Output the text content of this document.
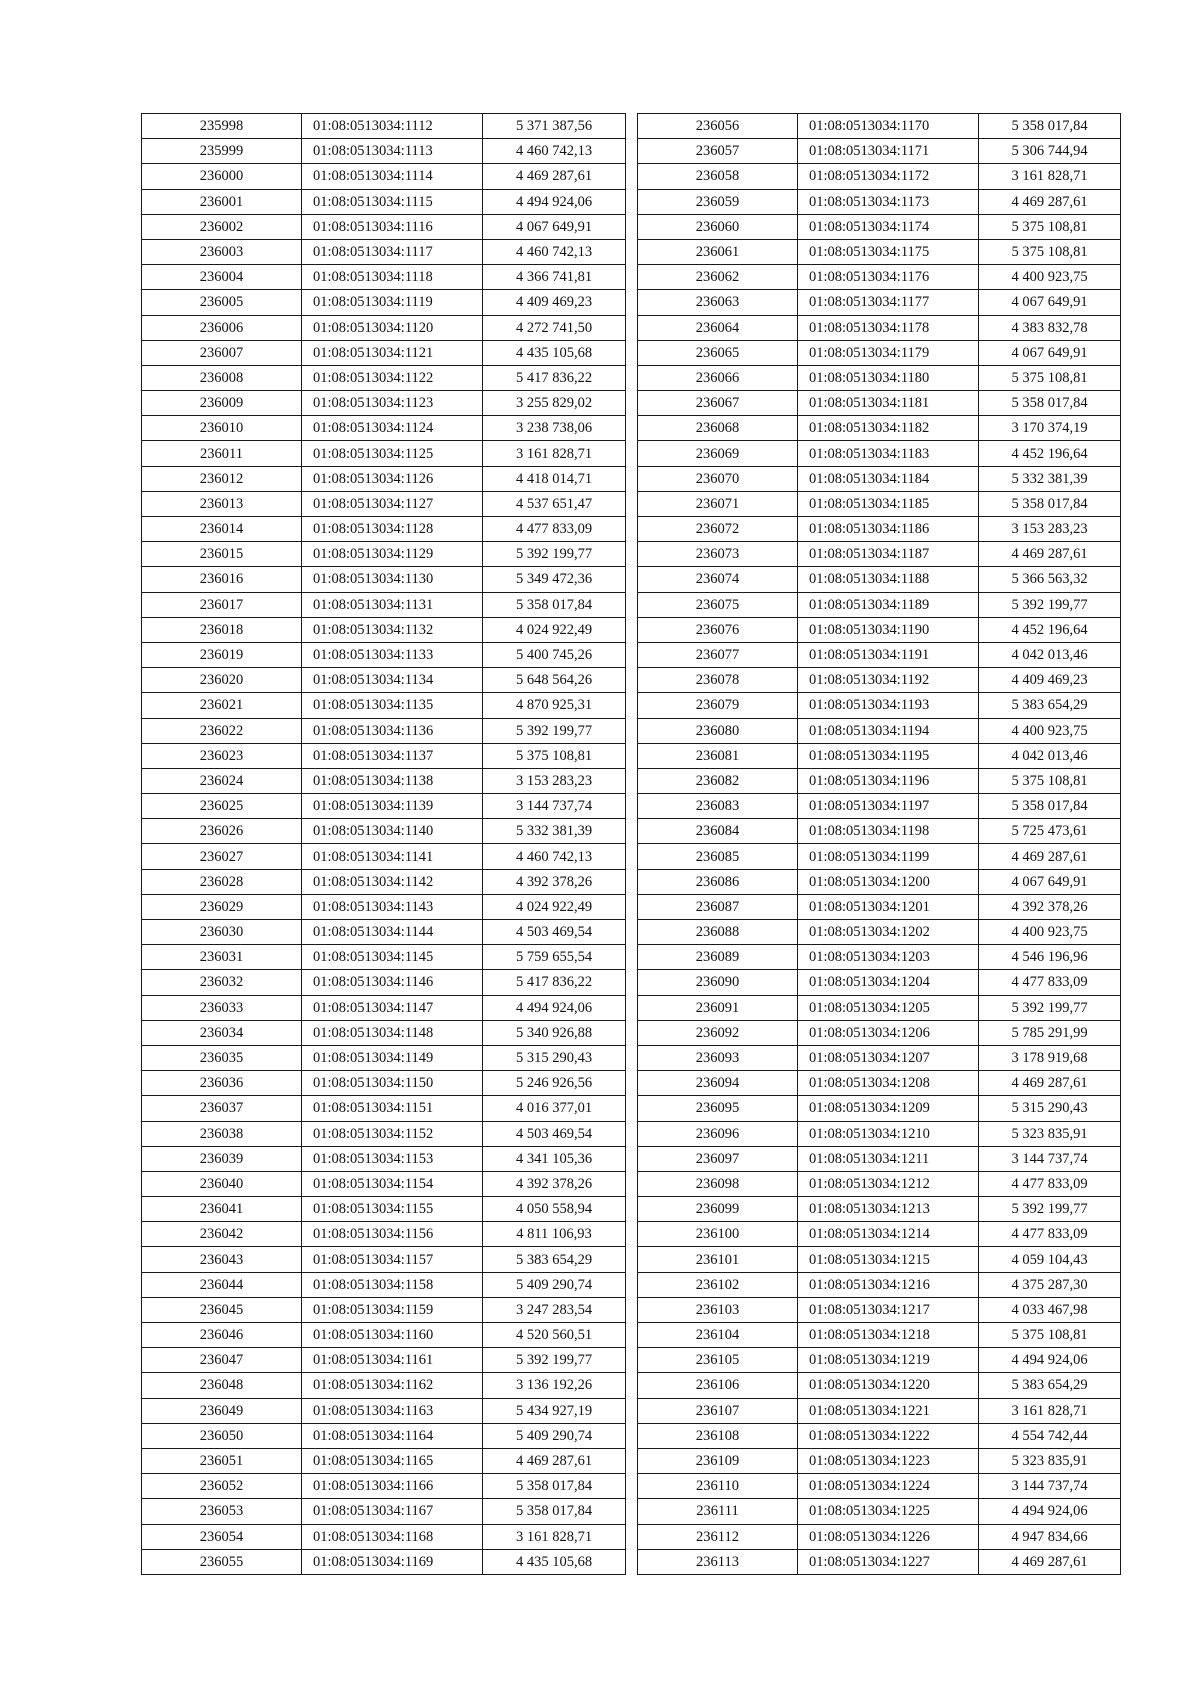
235998	01:08:0513034:1112	5 371 387,56
235999	01:08:0513034:1113	4 460 742,13
236000	01:08:0513034:1114	4 469 287,61
236001	01:08:0513034:1115	4 494 924,06
236002	01:08:0513034:1116	4 067 649,91
236003	01:08:0513034:1117	4 460 742,13
236004	01:08:0513034:1118	4 366 741,81
236005	01:08:0513034:1119	4 409 469,23
236006	01:08:0513034:1120	4 272 741,50
236007	01:08:0513034:1121	4 435 105,68
236008	01:08:0513034:1122	5 417 836,22
236009	01:08:0513034:1123	3 255 829,02
236010	01:08:0513034:1124	3 238 738,06
236011	01:08:0513034:1125	3 161 828,71
236012	01:08:0513034:1126	4 418 014,71
236013	01:08:0513034:1127	4 537 651,47
236014	01:08:0513034:1128	4 477 833,09
236015	01:08:0513034:1129	5 392 199,77
236016	01:08:0513034:1130	5 349 472,36
236017	01:08:0513034:1131	5 358 017,84
236018	01:08:0513034:1132	4 024 922,49
236019	01:08:0513034:1133	5 400 745,26
236020	01:08:0513034:1134	5 648 564,26
236021	01:08:0513034:1135	4 870 925,31
236022	01:08:0513034:1136	5 392 199,77
236023	01:08:0513034:1137	5 375 108,81
236024	01:08:0513034:1138	3 153 283,23
236025	01:08:0513034:1139	3 144 737,74
236026	01:08:0513034:1140	5 332 381,39
236027	01:08:0513034:1141	4 460 742,13
236028	01:08:0513034:1142	4 392 378,26
236029	01:08:0513034:1143	4 024 922,49
236030	01:08:0513034:1144	4 503 469,54
236031	01:08:0513034:1145	5 759 655,54
236032	01:08:0513034:1146	5 417 836,22
236033	01:08:0513034:1147	4 494 924,06
236034	01:08:0513034:1148	5 340 926,88
236035	01:08:0513034:1149	5 315 290,43
236036	01:08:0513034:1150	5 246 926,56
236037	01:08:0513034:1151	4 016 377,01
236038	01:08:0513034:1152	4 503 469,54
236039	01:08:0513034:1153	4 341 105,36
236040	01:08:0513034:1154	4 392 378,26
236041	01:08:0513034:1155	4 050 558,94
236042	01:08:0513034:1156	4 811 106,93
236043	01:08:0513034:1157	5 383 654,29
236044	01:08:0513034:1158	5 409 290,74
236045	01:08:0513034:1159	3 247 283,54
236046	01:08:0513034:1160	4 520 560,51
236047	01:08:0513034:1161	5 392 199,77
236048	01:08:0513034:1162	3 136 192,26
236049	01:08:0513034:1163	5 434 927,19
236050	01:08:0513034:1164	5 409 290,74
236051	01:08:0513034:1165	4 469 287,61
236052	01:08:0513034:1166	5 358 017,84
236053	01:08:0513034:1167	5 358 017,84
236054	01:08:0513034:1168	3 161 828,71
236055	01:08:0513034:1169	4 435 105,68
236056	01:08:0513034:1170	5 358 017,84
236057	01:08:0513034:1171	5 306 744,94
236058	01:08:0513034:1172	3 161 828,71
236059	01:08:0513034:1173	4 469 287,61
236060	01:08:0513034:1174	5 375 108,81
236061	01:08:0513034:1175	5 375 108,81
236062	01:08:0513034:1176	4 400 923,75
236063	01:08:0513034:1177	4 067 649,91
236064	01:08:0513034:1178	4 383 832,78
236065	01:08:0513034:1179	4 067 649,91
236066	01:08:0513034:1180	5 375 108,81
236067	01:08:0513034:1181	5 358 017,84
236068	01:08:0513034:1182	3 170 374,19
236069	01:08:0513034:1183	4 452 196,64
236070	01:08:0513034:1184	5 332 381,39
236071	01:08:0513034:1185	5 358 017,84
236072	01:08:0513034:1186	3 153 283,23
236073	01:08:0513034:1187	4 469 287,61
236074	01:08:0513034:1188	5 366 563,32
236075	01:08:0513034:1189	5 392 199,77
236076	01:08:0513034:1190	4 452 196,64
236077	01:08:0513034:1191	4 042 013,46
236078	01:08:0513034:1192	4 409 469,23
236079	01:08:0513034:1193	5 383 654,29
236080	01:08:0513034:1194	4 400 923,75
236081	01:08:0513034:1195	4 042 013,46
236082	01:08:0513034:1196	5 375 108,81
236083	01:08:0513034:1197	5 358 017,84
236084	01:08:0513034:1198	5 725 473,61
236085	01:08:0513034:1199	4 469 287,61
236086	01:08:0513034:1200	4 067 649,91
236087	01:08:0513034:1201	4 392 378,26
236088	01:08:0513034:1202	4 400 923,75
236089	01:08:0513034:1203	4 546 196,96
236090	01:08:0513034:1204	4 477 833,09
236091	01:08:0513034:1205	5 392 199,77
236092	01:08:0513034:1206	5 785 291,99
236093	01:08:0513034:1207	3 178 919,68
236094	01:08:0513034:1208	4 469 287,61
236095	01:08:0513034:1209	5 315 290,43
236096	01:08:0513034:1210	5 323 835,91
236097	01:08:0513034:1211	3 144 737,74
236098	01:08:0513034:1212	4 477 833,09
236099	01:08:0513034:1213	5 392 199,77
236100	01:08:0513034:1214	4 477 833,09
236101	01:08:0513034:1215	4 059 104,43
236102	01:08:0513034:1216	4 375 287,30
236103	01:08:0513034:1217	4 033 467,98
236104	01:08:0513034:1218	5 375 108,81
236105	01:08:0513034:1219	4 494 924,06
236106	01:08:0513034:1220	5 383 654,29
236107	01:08:0513034:1221	3 161 828,71
236108	01:08:0513034:1222	4 554 742,44
236109	01:08:0513034:1223	5 323 835,91
236110	01:08:0513034:1224	3 144 737,74
236111	01:08:0513034:1225	4 494 924,06
236112	01:08:0513034:1226	4 947 834,66
236113	01:08:0513034:1227	4 469 287,61
